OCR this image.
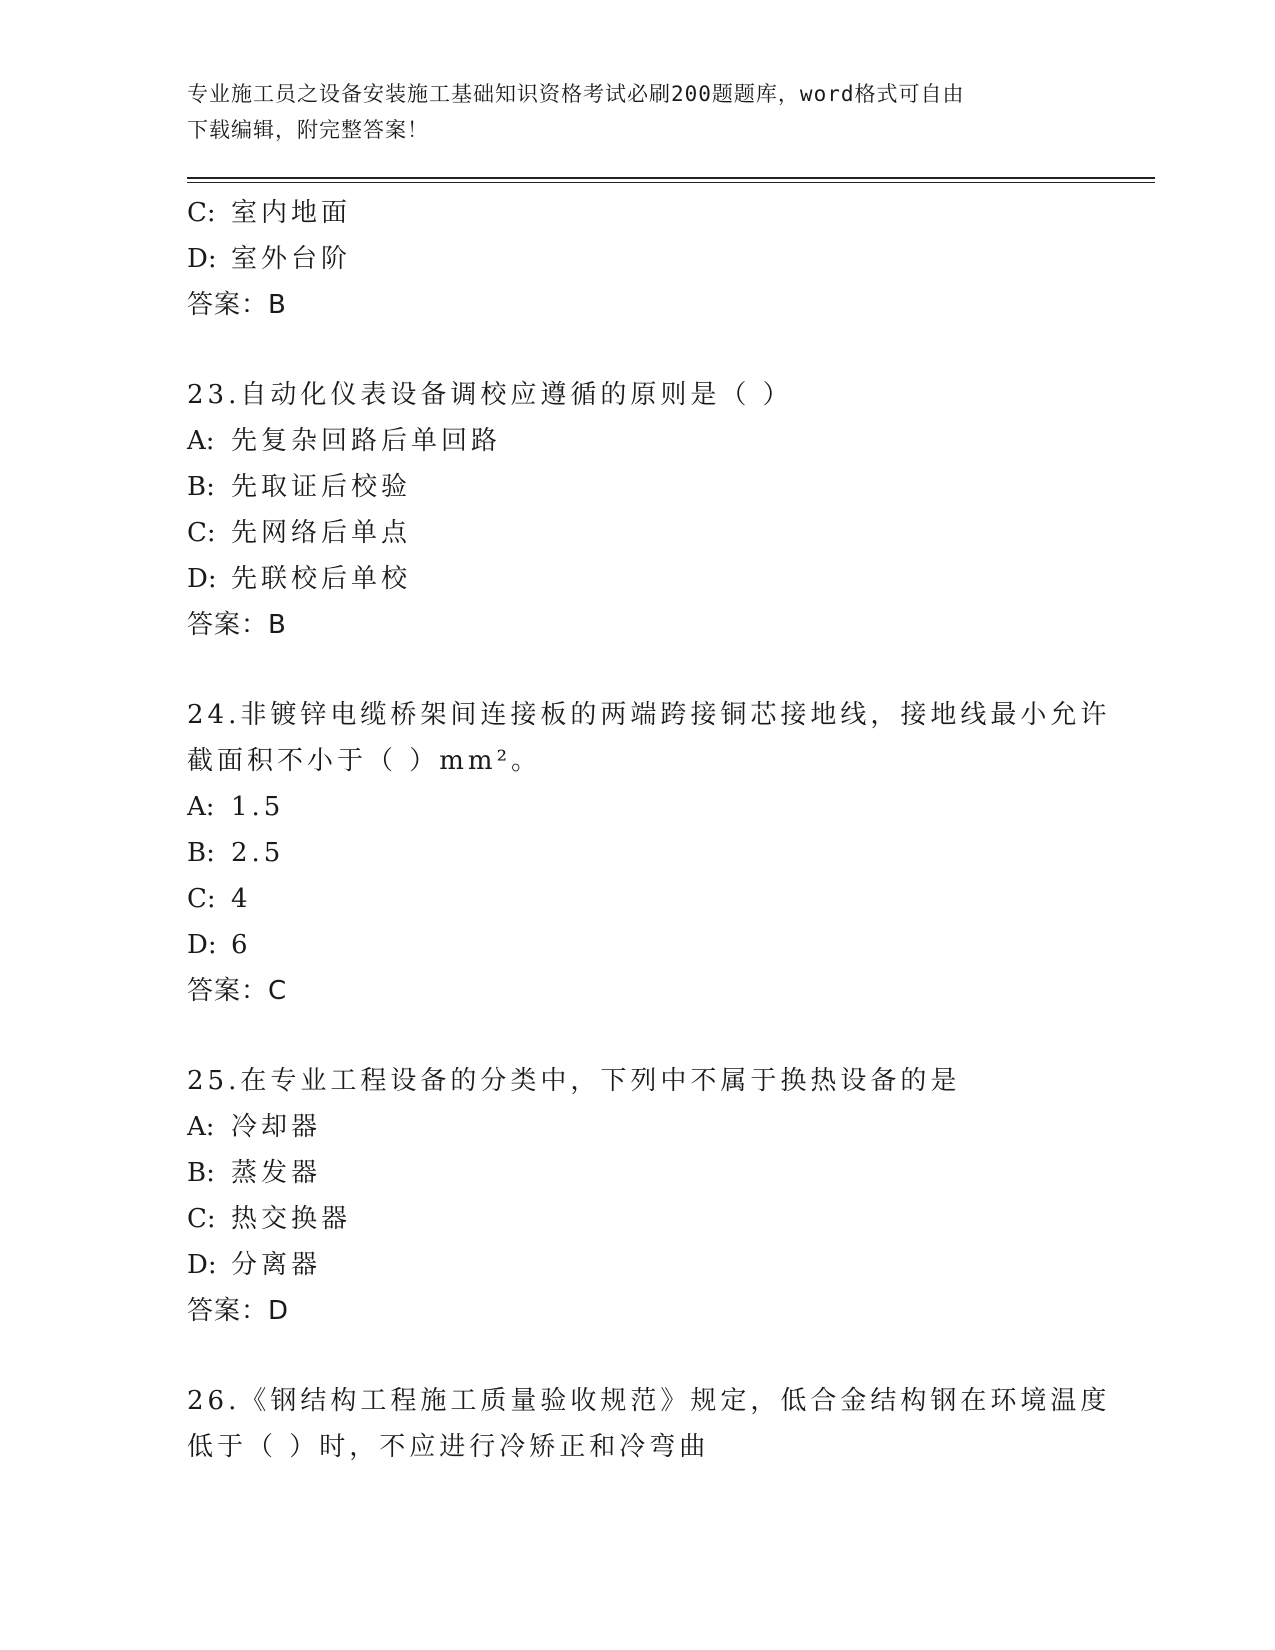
专业施工员之设备安装施工基础知识资格考试必刷200题题库，word格式可自由
下载编辑，附完整答案！
C: 室内地面
D: 室外台阶
答案：B
23.自动化仪表设备调校应遵循的原则是（ ）
A: 先复杂回路后单回路
B: 先取证后校验
C: 先网络后单点
D: 先联校后单校
答案：B
24.非镀锌电缆桥架间连接板的两端跨接铜芯接地线，接地线最小允许
截面积不小于（ ）mm²。
A: 1.5
B: 2.5
C: 4
D: 6
答案：C
25.在专业工程设备的分类中，下列中不属于换热设备的是
A: 冷却器
B: 蒸发器
C: 热交换器
D: 分离器
答案：D
26.《钢结构工程施工质量验收规范》规定，低合金结构钢在环境温度
低于（ ）时，不应进行冷矫正和冷弯曲
